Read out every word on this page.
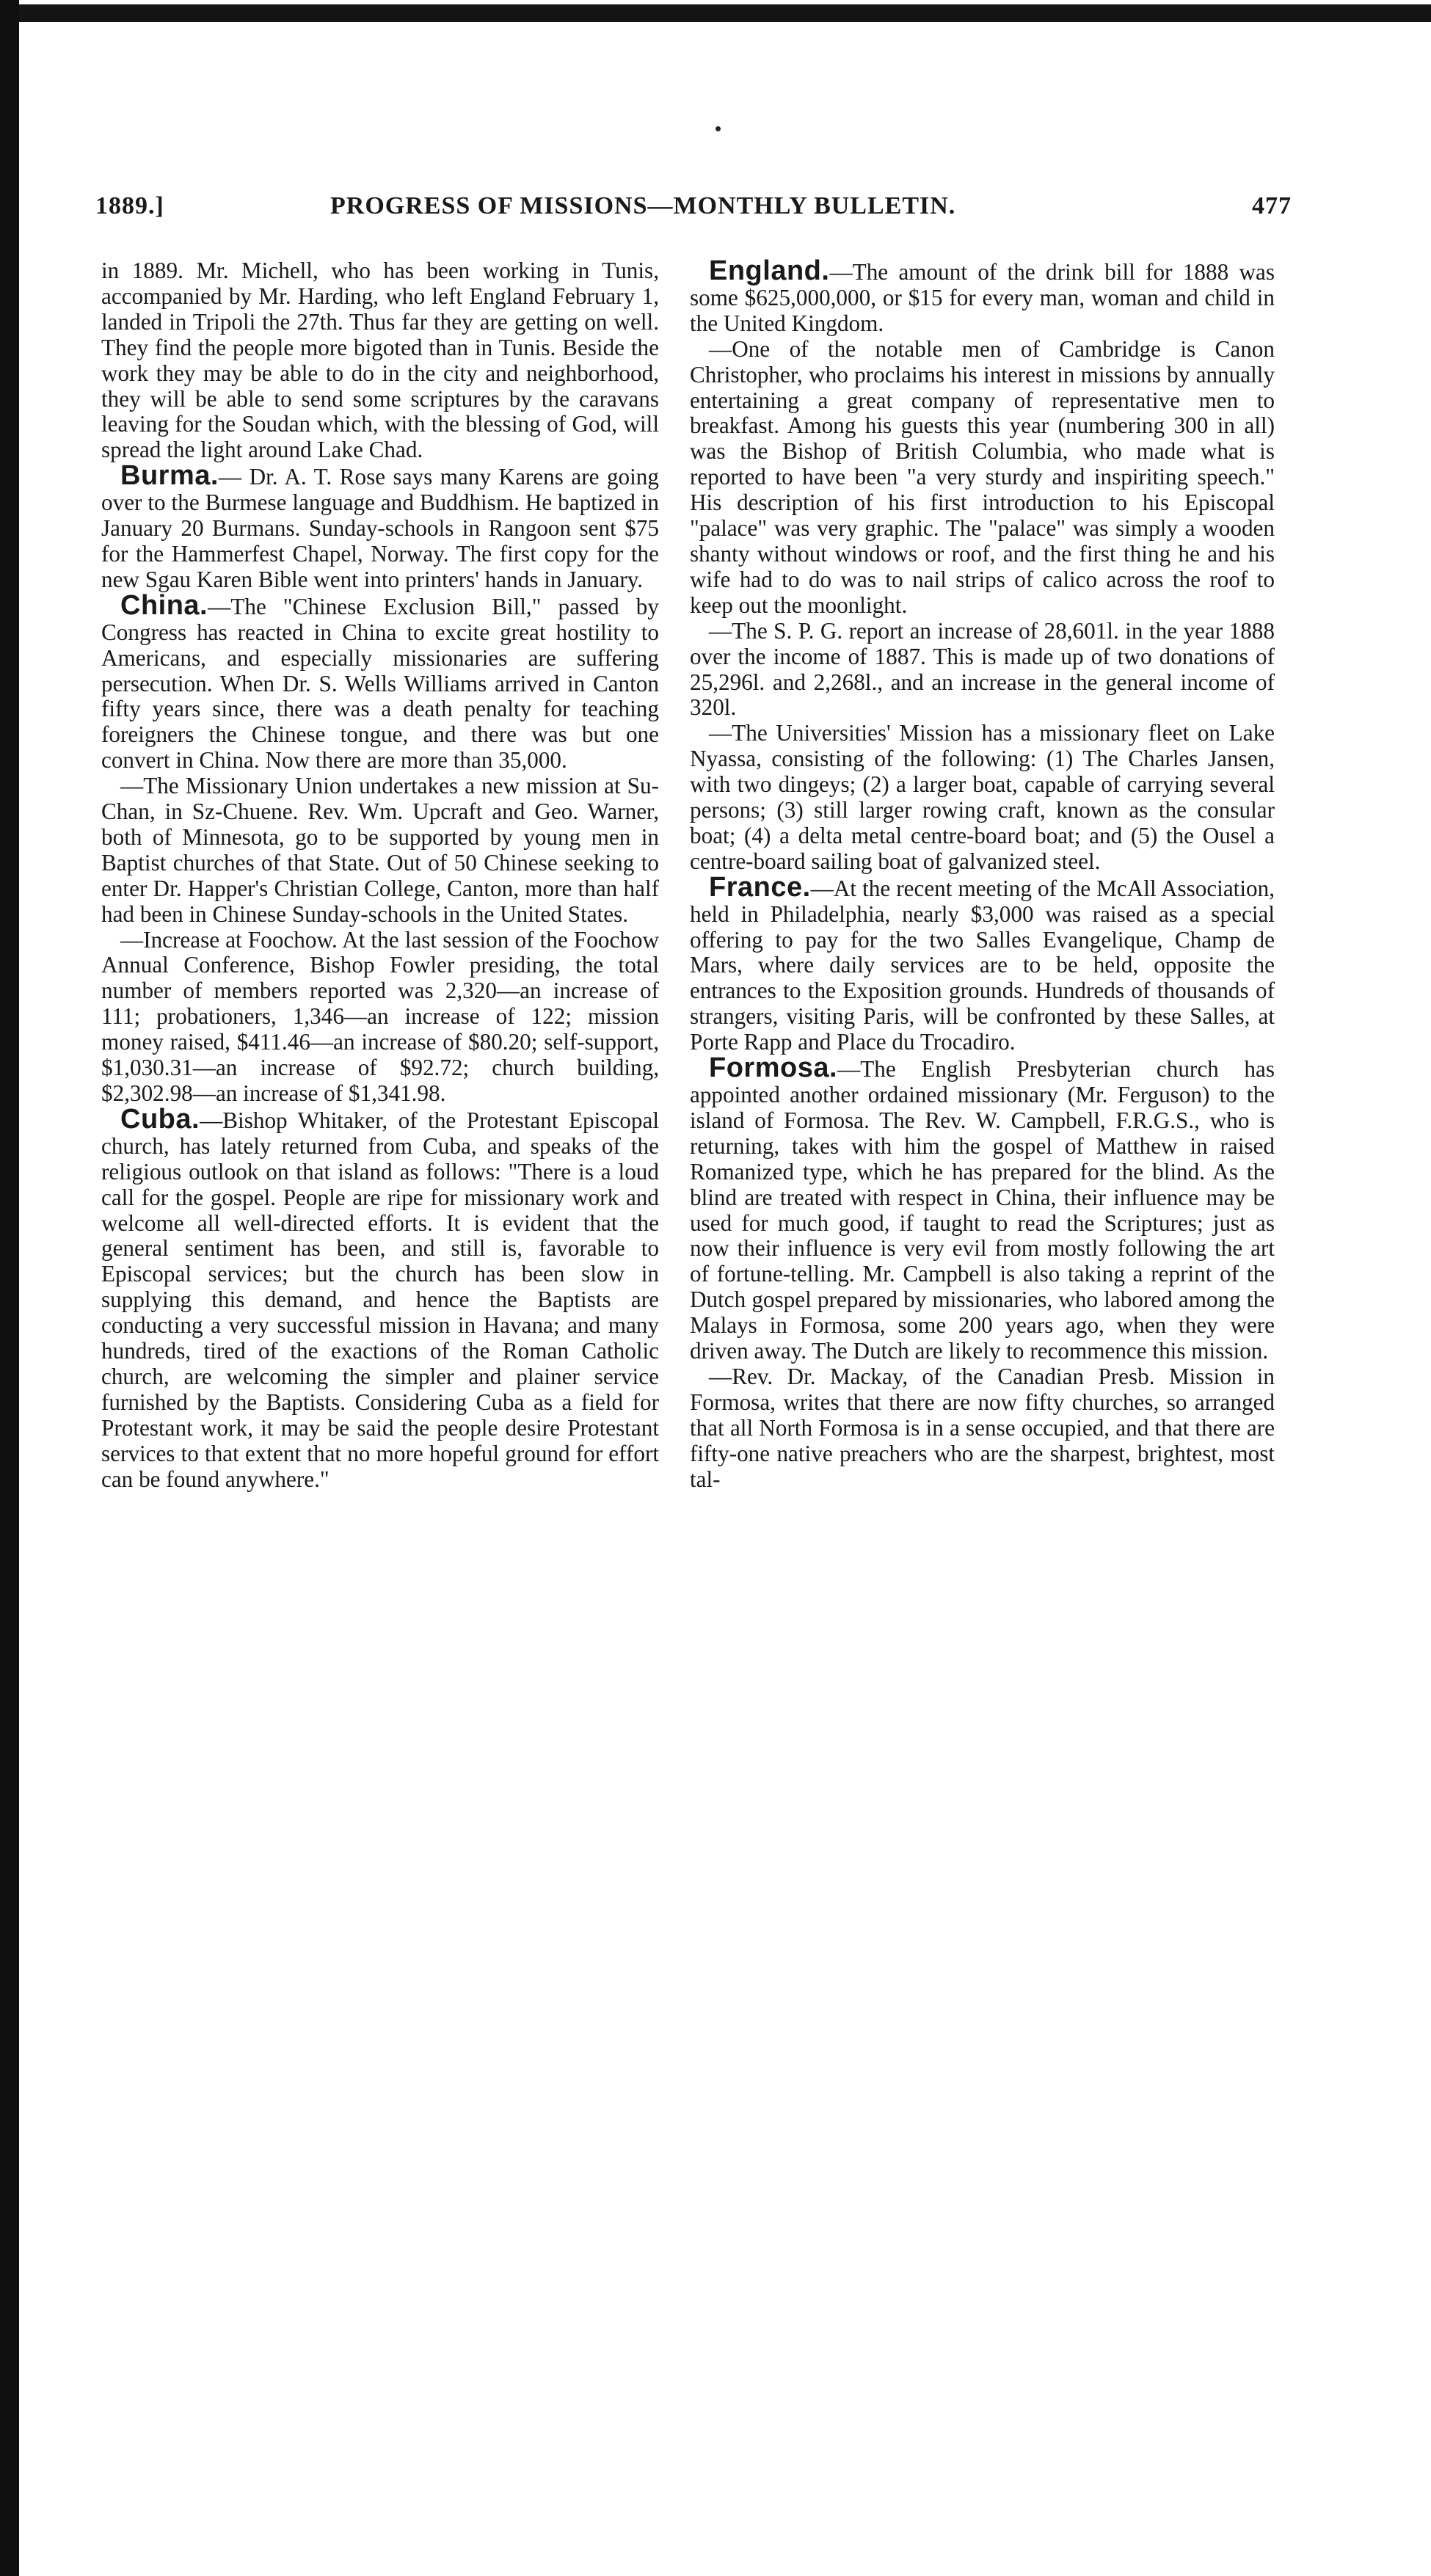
1889.]	PROGRESS OF MISSIONS—MONTHLY BULLETIN.	477

in 1889. Mr. Michell, who has been working in Tunis, accompanied by Mr. Harding, who left England February 1, landed in Tripoli the 27th. Thus far they are getting on well. They find the people more bigoted than in Tunis. Beside the work they may be able to do in the city and neighborhood, they will be able to send some scriptures by the caravans leaving for the Soudan which, with the blessing of God, will spread the light around Lake Chad.

Burma.— Dr. A. T. Rose says many Karens are going over to the Burmese language and Buddhism. He baptized in January 20 Burmans. Sunday-schools in Rangoon sent $75 for the Hammerfest Chapel, Norway. The first copy for the new Sgau Karen Bible went into printers' hands in January.

China.—The "Chinese Exclusion Bill," passed by Congress has reacted in China to excite great hostility to Americans, and especially missionaries are suffering persecution. When Dr. S. Wells Williams arrived in Canton fifty years since, there was a death penalty for teaching foreigners the Chinese tongue, and there was but one convert in China. Now there are more than 35,000.

—The Missionary Union undertakes a new mission at Su-Chan, in Sz-Chuene. Rev. Wm. Upcraft and Geo. Warner, both of Minnesota, go to be supported by young men in Baptist churches of that State. Out of 50 Chinese seeking to enter Dr. Happer's Christian College, Canton, more than half had been in Chinese Sunday-schools in the United States.

—Increase at Foochow. At the last session of the Foochow Annual Conference, Bishop Fowler presiding, the total number of members reported was 2,320—an increase of 111; probationers, 1,346—an increase of 122; mission money raised, $411.46—an increase of $80.20; self-support, $1,030.31—an increase of $92.72; church building, $2,302.98—an increase of $1,341.98.

Cuba.—Bishop Whitaker, of the Protestant Episcopal church, has lately returned from Cuba, and speaks of the religious outlook on that island as follows: "There is a loud call for the gospel. People are ripe for missionary work and welcome all well-directed efforts. It is evident that the general sentiment has been, and still is, favorable to Episcopal services; but the church has been slow in supplying this demand, and hence the Baptists are conducting a very successful mission in Havana; and many hundreds, tired of the exactions of the Roman Catholic church, are welcoming the simpler and plainer service furnished by the Baptists. Considering Cuba as a field for Protestant work, it may be said the people desire Protestant services to that extent that no more hopeful ground for effort can be found anywhere."

England.—The amount of the drink bill for 1888 was some $625,000,000, or $15 for every man, woman and child in the United Kingdom.

—One of the notable men of Cambridge is Canon Christopher, who proclaims his interest in missions by annually entertaining a great company of representative men to breakfast. Among his guests this year (numbering 300 in all) was the Bishop of British Columbia, who made what is reported to have been "a very sturdy and inspiriting speech." His description of his first introduction to his Episcopal "palace" was very graphic. The "palace" was simply a wooden shanty without windows or roof, and the first thing he and his wife had to do was to nail strips of calico across the roof to keep out the moonlight.

—The S. P. G. report an increase of 28,601l. in the year 1888 over the income of 1887. This is made up of two donations of 25,296l. and 2,268l., and an increase in the general income of 320l.

—The Universities' Mission has a missionary fleet on Lake Nyassa, consisting of the following: (1) The Charles Jansen, with two dingeys; (2) a larger boat, capable of carrying several persons; (3) still larger rowing craft, known as the consular boat; (4) a delta metal centre-board boat; and (5) the Ousel a centre-board sailing boat of galvanized steel.

France.—At the recent meeting of the McAll Association, held in Philadelphia, nearly $3,000 was raised as a special offering to pay for the two Salles Evangelique, Champ de Mars, where daily services are to be held, opposite the entrances to the Exposition grounds. Hundreds of thousands of strangers, visiting Paris, will be confronted by these Salles, at Porte Rapp and Place du Trocadiro.

Formosa.—The English Presbyterian church has appointed another ordained missionary (Mr. Ferguson) to the island of Formosa. The Rev. W. Campbell, F.R.G.S., who is returning, takes with him the gospel of Matthew in raised Romanized type, which he has prepared for the blind. As the blind are treated with respect in China, their influence may be used for much good, if taught to read the Scriptures; just as now their influence is very evil from mostly following the art of fortune-telling. Mr. Campbell is also taking a reprint of the Dutch gospel prepared by missionaries, who labored among the Malays in Formosa, some 200 years ago, when they were driven away. The Dutch are likely to recommence this mission.

—Rev. Dr. Mackay, of the Canadian Presb. Mission in Formosa, writes that there are now fifty churches, so arranged that all North Formosa is in a sense occupied, and that there are fifty-one native preachers who are the sharpest, brightest, most tal-
